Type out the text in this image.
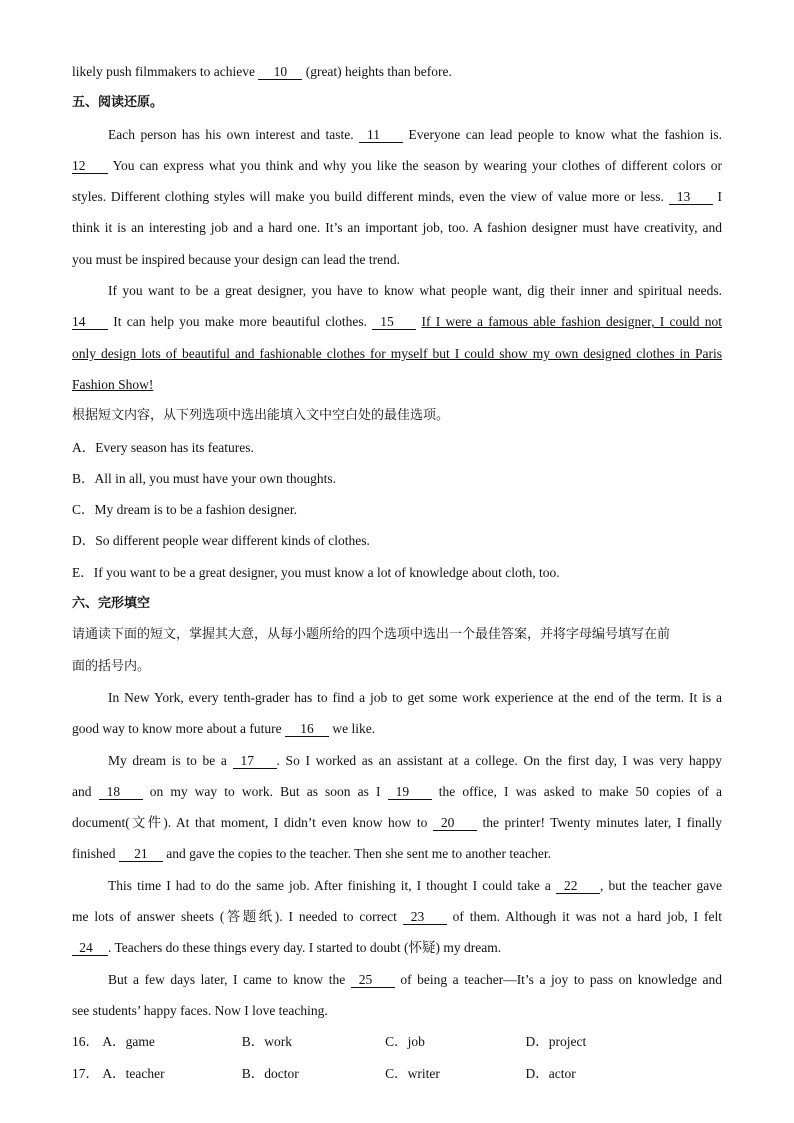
likely push filmmakers to achieve 10 (great) heights than before.
五、阅读还原。
Each person has his own interest and taste. 11 Everyone can lead people to know what the fashion is.
12 You can express what you think and why you like the season by wearing your clothes of different colors or
styles. Different clothing styles will make you build different minds, even the view of value more or less. 13 I
think it is an interesting job and a hard one. It’s an important job, too. A fashion designer must have creativity, and
you must be inspired because your design can lead the trend.
If you want to be a great designer, you have to know what people want, dig their inner and spiritual needs.
14 It can help you make more beautiful clothes. 15 If I were a famous able fashion designer, I could not
only design lots of beautiful and fashionable clothes for myself but I could show my own designed clothes in Paris
Fashion Show!
根据短文内容，从下列选项中选出能填入文中空白处的最佳选项。
A．Every season has its features.
B．All in all, you must have your own thoughts.
C．My dream is to be a fashion designer.
D．So different people wear different kinds of clothes.
E．If you want to be a great designer, you must know a lot of knowledge about cloth, too.
六、完形填空
请通读下面的短文，掌握其大意，从每小题所给的四个选项中选出一个最佳答案，并将字母编号填写在前
面的括号内。
In New York, every tenth-grader has to find a job to get some work experience at the end of the term. It is a
good way to know more about a future 16 we like.
My dream is to be a 17 . So I worked as an assistant at a college. On the first day, I was very happy
and 18 on my way to work. But as soon as I 19 the office, I was asked to make 50 copies of a
document(文件). At that moment, I didn’t even know how to 20 the printer! Twenty minutes later, I finally
finished 21 and gave the copies to the teacher. Then she sent me to another teacher.
This time I had to do the same job. After finishing it, I thought I could take a 22 , but the teacher gave
me lots of answer sheets (答题纸). I needed to correct 23 of them. Although it was not a hard job, I felt
24 . Teachers do these things every day. I started to doubt (怀疑) my dream.
But a few days later, I came to know the 25 of being a teacher—It’s a joy to pass on knowledge and
see students’ happy faces. Now I love teaching.
16． A．game	B．work	C．job	D．project
17． A．teacher	B．doctor	C．writer	D．actor
